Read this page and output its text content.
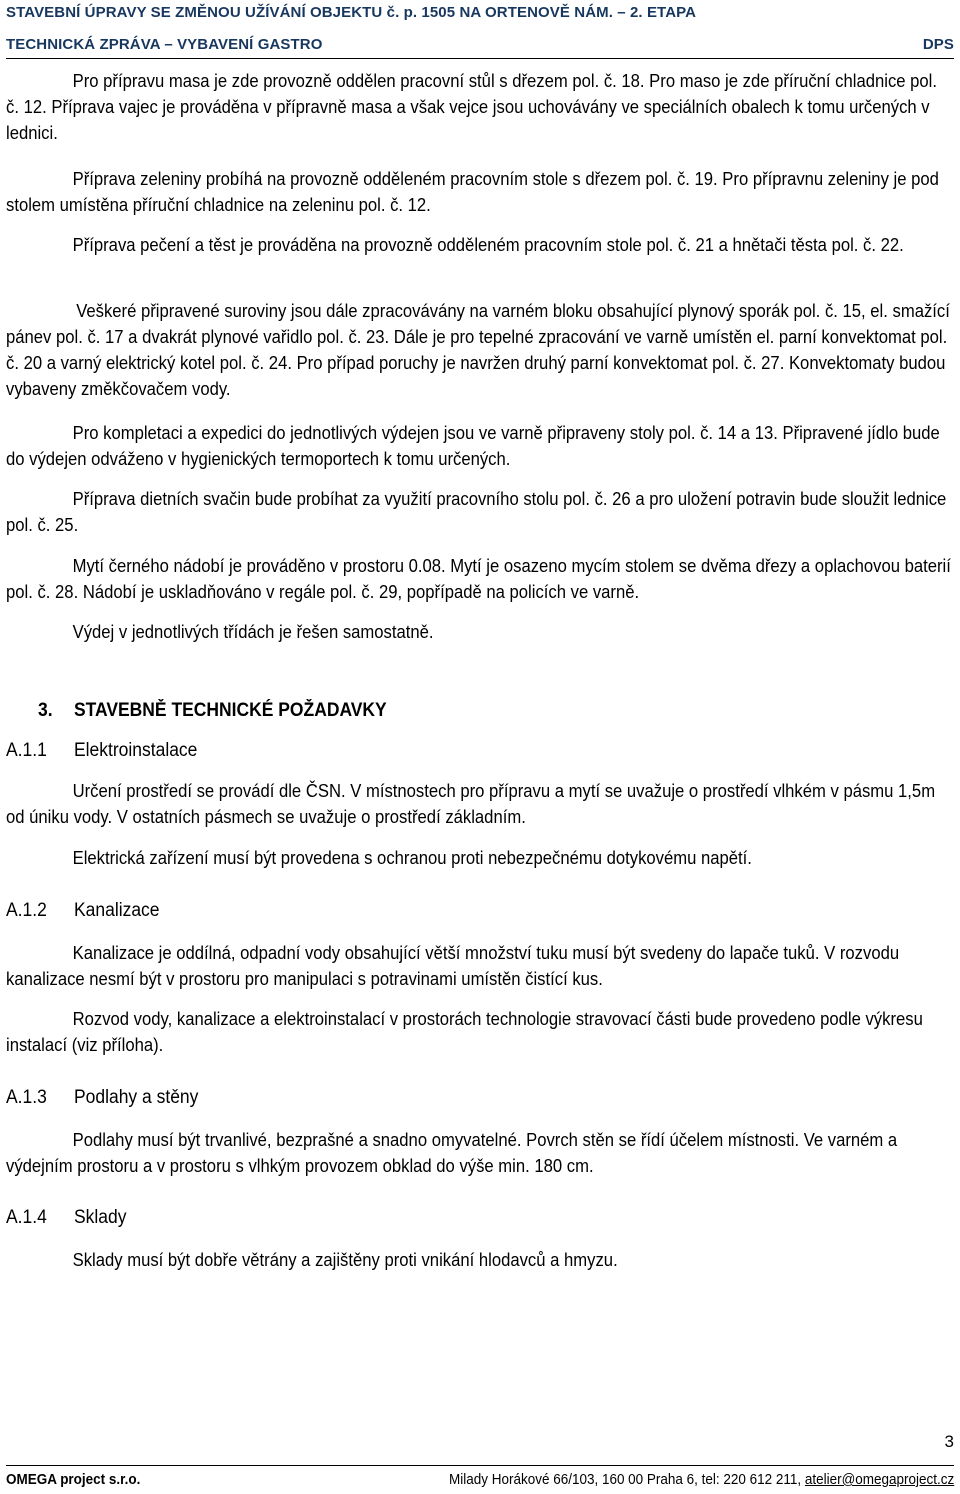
STAVEBNÍ ÚPRAVY SE ZMĚNOU UŽÍVÁNÍ OBJEKTU č. p. 1505 NA ORTENOVĚ NÁM. – 2. ETAPA
TECHNICKÁ ZPRÁVA – VYBAVENÍ GASTRO	DPS
Pro přípravu masa je zde provozně oddělen pracovní stůl s dřezem pol. č. 18. Pro maso je zde příruční chladnice pol. č. 12. Příprava vajec je prováděna v přípravně masa a však vejce jsou uchovávány ve speciálních obalech k tomu určených v lednici.
Příprava zeleniny probíhá na provozně odděleném pracovním stole s dřezem pol. č. 19. Pro přípravnu zeleniny je pod stolem umístěna příruční chladnice na zeleninu pol. č. 12.
Příprava pečení a těst je prováděna na provozně odděleném pracovním stole pol. č. 21 a hnětači těsta pol. č. 22.
Veškeré připravené suroviny jsou dále zpracovávány na varném bloku obsahující plynový sporák pol. č. 15, el. smažící pánev pol. č. 17 a dvakrát plynové vařidlo pol. č. 23. Dále je pro tepelné zpracování ve varně umístěn el. parní konvektomat pol. č. 20 a varný elektrický kotel pol. č. 24. Pro případ poruchy je navržen druhý parní konvektomat pol. č. 27. Konvektomaty budou vybaveny změkčovačem vody.
Pro kompletaci a expedici do jednotlivých výdejen jsou ve varně připraveny stoly pol. č. 14 a 13. Připravené jídlo bude do výdejen odváženo v hygienických termoportech k tomu určených.
Příprava dietních svačin bude probíhat za využití pracovního stolu pol. č. 26 a pro uložení potravin bude sloužit lednice pol. č. 25.
Mytí černého nádobí je prováděno v prostoru 0.08. Mytí je osazeno mycím stolem se dvěma dřezy a oplachovou baterií pol. č. 28. Nádobí je uskladňováno v regále pol. č. 29, popřípadě na policích ve varně.
Výdej v jednotlivých třídách je řešen samostatně.
3. STAVEBNĚ TECHNICKÉ POŽADAVKY
A.1.1 Elektroinstalace
Určení prostředí se provádí dle ČSN. V místnostech pro přípravu a mytí se uvažuje o prostředí vlhkém v pásmu 1,5m od úniku vody. V ostatních pásmech se uvažuje o prostředí základním.
Elektrická zařízení musí být provedena s ochranou proti nebezpečnému dotykovému napětí.
A.1.2 Kanalizace
Kanalizace je oddílná, odpadní vody obsahující větší množství tuku musí být svedeny do lapače tuků. V rozvodu kanalizace nesmí být v prostoru pro manipulaci s potravinami umístěn čistící kus.
Rozvod vody, kanalizace a elektroinstalací v prostorách technologie stravovací části bude provedeno podle výkresu instalací (viz příloha).
A.1.3 Podlahy a stěny
Podlahy musí být trvanlivé, bezprašné a snadno omyvatelné. Povrch stěn se řídí účelem místnosti. Ve varném a výdejním prostoru a v prostoru s vlhkým provozem obklad do výše min. 180 cm.
A.1.4 Sklady
Sklady musí být dobře větrány a zajištěny proti vnikání hlodavců a hmyzu.
3
OMEGA project s.r.o.	Milady Horákové 66/103, 160 00 Praha 6, tel: 220 612 211, atelier@omegaproject.cz
